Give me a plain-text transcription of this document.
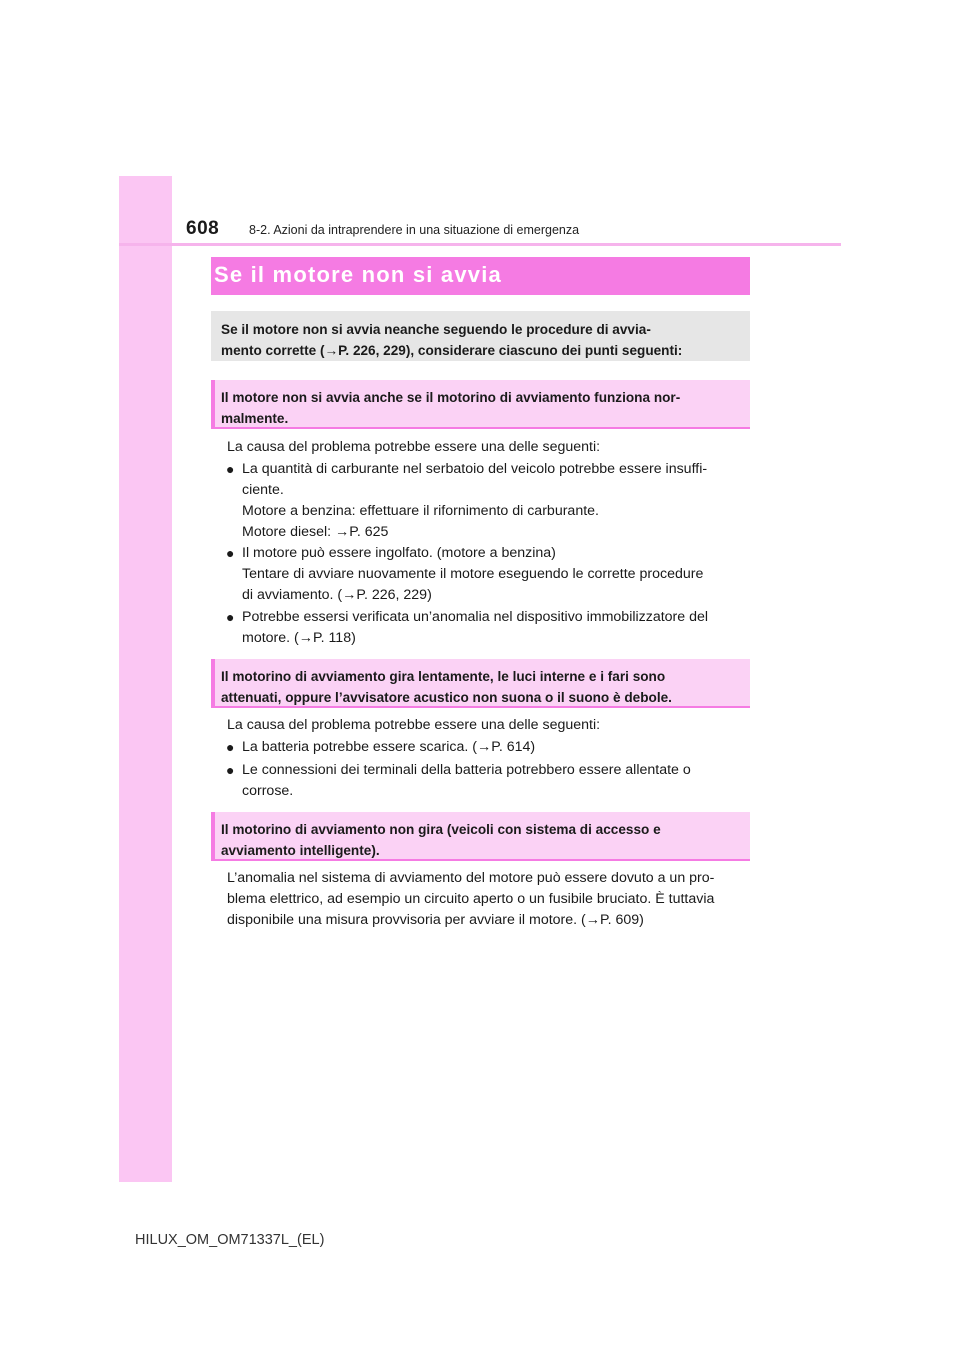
608 8-2. Azioni da intraprendere in una situazione di emergenza
Se il motore non si avvia
Se il motore non si avvia neanche seguendo le procedure di avvia-
mento corrette (→P. 226, 229), considerare ciascuno dei punti seguenti:
Il motore non si avvia anche se il motorino di avviamento funziona nor-
malmente.
La causa del problema potrebbe essere una delle seguenti:
● La quantità di carburante nel serbatoio del veicolo potrebbe essere insuffi-
ciente.
Motore a benzina: effettuare il rifornimento di carburante.
Motore diesel: →P. 625
● Il motore può essere ingolfato. (motore a benzina)
Tentare di avviare nuovamente il motore eseguendo le corrette procedure
di avviamento. (→P. 226, 229)
● Potrebbe essersi verificata un’anomalia nel dispositivo immobilizzatore del
motore. (→P. 118)
Il motorino di avviamento gira lentamente, le luci interne e i fari sono
attenuati, oppure l’avvisatore acustico non suona o il suono è debole.
La causa del problema potrebbe essere una delle seguenti:
● La batteria potrebbe essere scarica. (→P. 614)
● Le connessioni dei terminali della batteria potrebbero essere allentate o
corrose.
Il motorino di avviamento non gira (veicoli con sistema di accesso e
avviamento intelligente).
L’anomalia nel sistema di avviamento del motore può essere dovuto a un pro-
blema elettrico, ad esempio un circuito aperto o un fusibile bruciato. È tuttavia
disponibile una misura provvisoria per avviare il motore. (→P. 609)
HILUX_OM_OM71337L_(EL)
